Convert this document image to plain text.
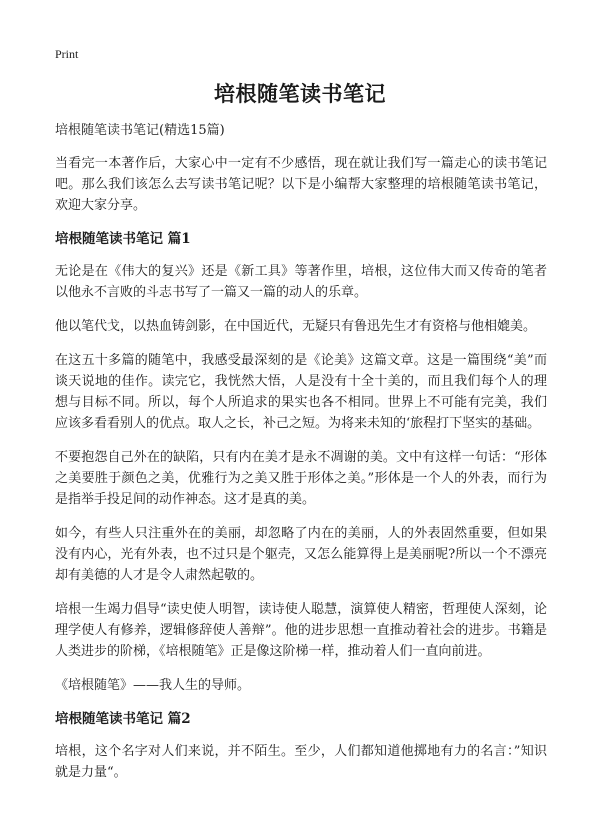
Print
培根随笔读书笔记

培根随笔读书笔记(精选15篇)

当看完一本著作后，大家心中一定有不少感悟，现在就让我们写一篇走心的读书笔记吧。那么我们该怎么去写读书笔记呢？以下是小编帮大家整理的培根随笔读书笔记，欢迎大家分享。

培根随笔读书笔记 篇1

无论是在《伟大的复兴》还是《新工具》等著作里，培根，这位伟大而又传奇的笔者以他永不言败的斗志书写了一篇又一篇的动人的乐章。

他以笔代戈，以热血铸剑影，在中国近代，无疑只有鲁迅先生才有资格与他相媲美。

在这五十多篇的随笔中，我感受最深刻的是《论美》这篇文章。这是一篇围绕“美”而谈天说地的佳作。读完它，我恍然大悟，人是没有十全十美的，而且我们每个人的理想与目标不同。所以，每个人所追求的果实也各不相同。世界上不可能有完美，我们应该多看看别人的优点。取人之长，补己之短。为将来未知的‘旅程打下坚实的基础。

不要抱怨自己外在的缺陷，只有内在美才是永不凋谢的美。文中有这样一句话：“形体之美要胜于颜色之美，优雅行为之美又胜于形体之美。”形体是一个人的外表，而行为是指举手投足间的动作神态。这才是真的美。

如今，有些人只注重外在的美丽，却忽略了内在的美丽，人的外表固然重要，但如果没有内心，光有外表，也不过只是个躯壳，又怎么能算得上是美丽呢?所以一个不漂亮却有美德的人才是令人肃然起敬的。

培根一生竭力倡导“读史使人明智，读诗使人聪慧，演算使人精密，哲理使人深刻，论理学使人有修养，逻辑修辞使人善辩”。他的进步思想一直推动着社会的进步。书籍是人类进步的阶梯，《培根随笔》正是像这阶梯一样，推动着人们一直向前进。

《培根随笔》——我人生的导师。

培根随笔读书笔记 篇2

培根，这个名字对人们来说，并不陌生。至少，人们都知道他掷地有力的名言：”知识就是力量“。
